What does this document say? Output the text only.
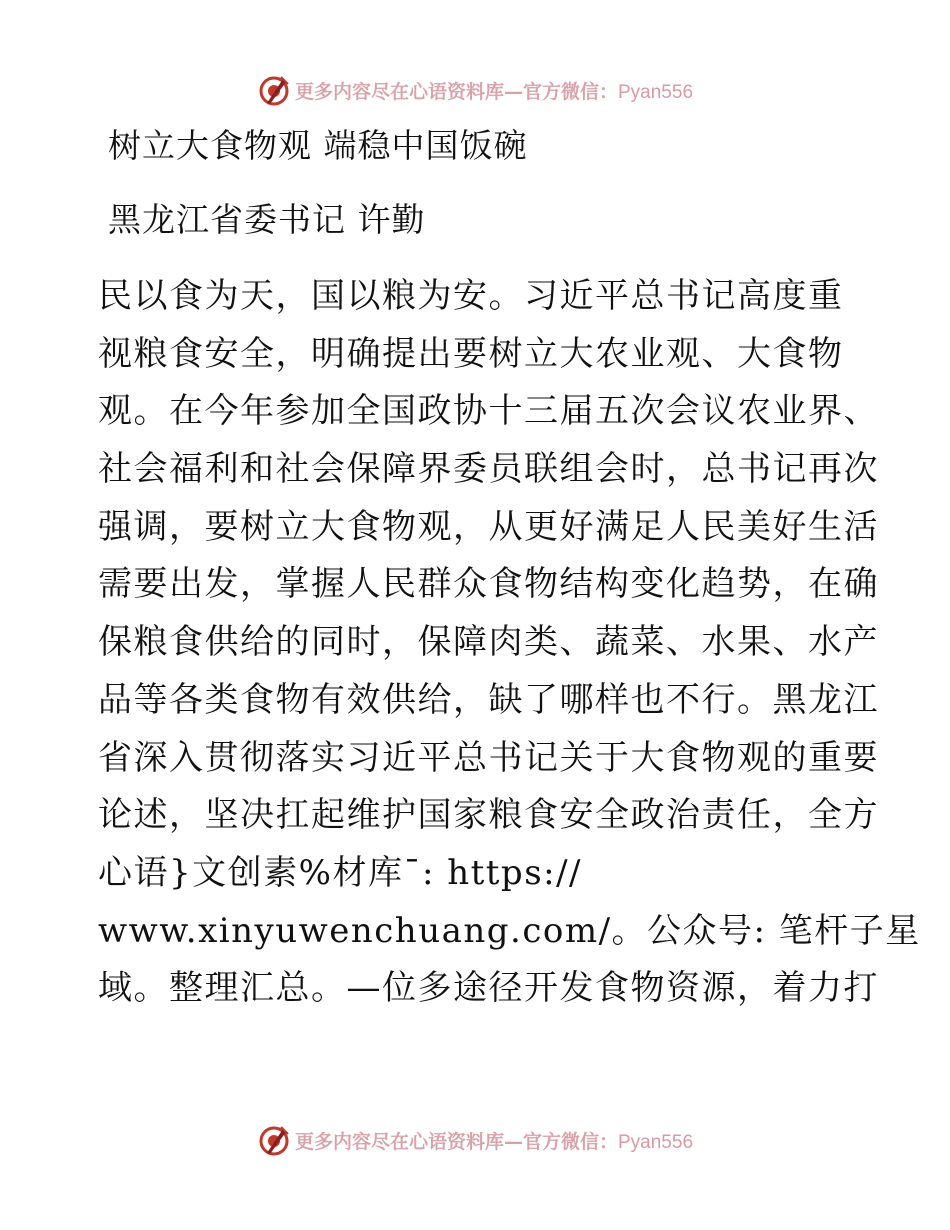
更多内容尽在心语资料库—官方微信：Pyan556
树立大食物观 端稳中国饭碗
黑龙江省委书记 许勤
民以食为天，国以粮为安。习近平总书记高度重
视粮食安全，明确提出要树立大农业观、大食物
观。在今年参加全国政协十三届五次会议农业界、
社会福利和社会保障界委员联组会时，总书记再次
强调，要树立大食物观，从更好满足人民美好生活
需要出发，掌握人民群众食物结构变化趋势，在确
保粮食供给的同时，保障肉类、蔬菜、水果、水产
品等各类食物有效供给，缺了哪样也不行。黑龙江
省深入贯彻落实习近平总书记关于大食物观的重要
论述，坚决扛起维护国家粮食安全政治责任，全方
心语}文创素%材库¯: https://
www.xinyuwenchuang.com/。公众号: 笔杆子星
域。整理汇总。—位多途径开发食物资源，着力打
更多内容尽在心语资料库—官方微信：Pyan556
